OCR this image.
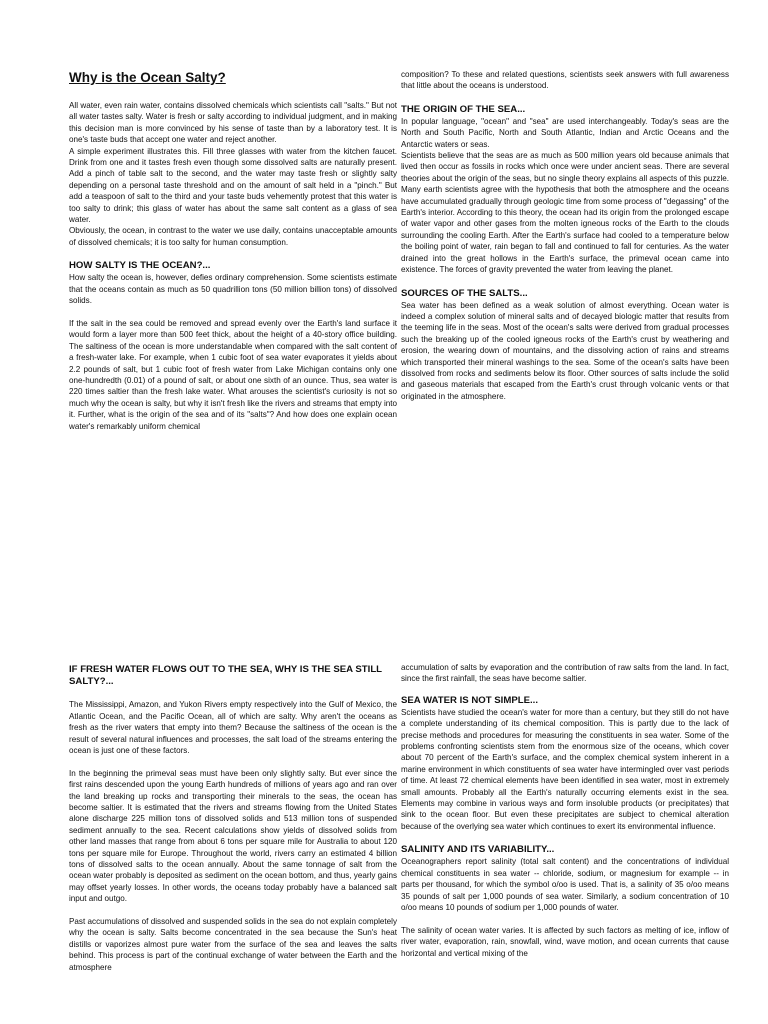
Why is the Ocean Salty?

All water, even rain water, contains dissolved chemicals which scientists call "salts." But not all water tastes salty. Water is fresh or salty according to individual judgment, and in making this decision man is more convinced by his sense of taste than by a laboratory test. It is one's taste buds that accept one water and reject another.

A simple experiment illustrates this. Fill three glasses with water from the kitchen faucet. Drink from one and it tastes fresh even though some dissolved salts are naturally present. Add a pinch of table salt to the second, and the water may taste fresh or slightly salty depending on a personal taste threshold and on the amount of salt held in a "pinch." But add a teaspoon of salt to the third and your taste buds vehemently protest that this water is too salty to drink; this glass of water has about the same salt content as a glass of sea water.

Obviously, the ocean, in contrast to the water we use daily, contains unacceptable amounts of dissolved chemicals; it is too salty for human consumption.

HOW SALTY IS THE OCEAN?...

How salty the ocean is, however, defies ordinary comprehension. Some scientists estimate that the oceans contain as much as 50 quadrillion tons (50 million billion tons) of dissolved solids.

If the salt in the sea could be removed and spread evenly over the Earth's land surface it would form a layer more than 500 feet thick, about the height of a 40-story office building. The saltiness of the ocean is more understandable when compared with the salt content of a fresh-water lake. For example, when 1 cubic foot of sea water evaporates it yields about 2.2 pounds of salt, but 1 cubic foot of fresh water from Lake Michigan contains only one one-hundredth (0.01) of a pound of salt, or about one sixth of an ounce. Thus, sea water is 220 times saltier than the fresh lake water. What arouses the scientist's curiosity is not so much why the ocean is salty, but why it isn't fresh like the rivers and streams that empty into it. Further, what is the origin of the sea and of its "salts"? And how does one explain ocean water's remarkably uniform chemical

composition? To these and related questions, scientists seek answers with full awareness that little about the oceans is understood.

THE ORIGIN OF THE SEA...

In popular language, "ocean" and "sea" are used interchangeably. Today's seas are the North and South Pacific, North and South Atlantic, Indian and Arctic Oceans and the Antarctic waters or seas.

Scientists believe that the seas are as much as 500 million years old because animals that lived then occur as fossils in rocks which once were under ancient seas. There are several theories about the origin of the seas, but no single theory explains all aspects of this puzzle. Many earth scientists agree with the hypothesis that both the atmosphere and the oceans have accumulated gradually through geologic time from some process of "degassing" of the Earth's interior. According to this theory, the ocean had its origin from the prolonged escape of water vapor and other gases from the molten igneous rocks of the Earth to the clouds surrounding the cooling Earth. After the Earth's surface had cooled to a temperature below the boiling point of water, rain began to fall and continued to fall for centuries. As the water drained into the great hollows in the Earth's surface, the primeval ocean came into existence. The forces of gravity prevented the water from leaving the planet.

SOURCES OF THE SALTS...

Sea water has been defined as a weak solution of almost everything. Ocean water is indeed a complex solution of mineral salts and of decayed biologic matter that results from the teeming life in the seas. Most of the ocean's salts were derived from gradual processes such the breaking up of the cooled igneous rocks of the Earth's crust by weathering and erosion, the wearing down of mountains, and the dissolving action of rains and streams which transported their mineral washings to the sea. Some of the ocean's salts have been dissolved from rocks and sediments below its floor. Other sources of salts include the solid and gaseous materials that escaped from the Earth's crust through volcanic vents or that originated in the atmosphere.

IF FRESH WATER FLOWS OUT TO THE SEA, WHY IS THE SEA STILL SALTY?...

The Mississippi, Amazon, and Yukon Rivers empty respectively into the Gulf of Mexico, the Atlantic Ocean, and the Pacific Ocean, all of which are salty. Why aren't the oceans as fresh as the river waters that empty into them? Because the saltiness of the ocean is the result of several natural influences and processes, the salt load of the streams entering the ocean is just one of these factors.

In the beginning the primeval seas must have been only slightly salty. But ever since the first rains descended upon the young Earth hundreds of millions of years ago and ran over the land breaking up rocks and transporting their minerals to the seas, the ocean has become saltier. It is estimated that the rivers and streams flowing from the United States alone discharge 225 million tons of dissolved solids and 513 million tons of suspended sediment annually to the sea. Recent calculations show yields of dissolved solids from other land masses that range from about 6 tons per square mile for Australia to about 120 tons per square mile for Europe. Throughout the world, rivers carry an estimated 4 billion tons of dissolved salts to the ocean annually. About the same tonnage of salt from the ocean water probably is deposited as sediment on the ocean bottom, and thus, yearly gains may offset yearly losses. In other words, the oceans today probably have a balanced salt input and outgo.

Past accumulations of dissolved and suspended solids in the sea do not explain completely why the ocean is salty. Salts become concentrated in the sea because the Sun's heat distills or vaporizes almost pure water from the surface of the sea and leaves the salts behind. This process is part of the continual exchange of water between the Earth and the atmosphere

accumulation of salts by evaporation and the contribution of raw salts from the land. In fact, since the first rainfall, the seas have become saltier.

SEA WATER IS NOT SIMPLE...

Scientists have studied the ocean's water for more than a century, but they still do not have a complete understanding of its chemical composition. This is partly due to the lack of precise methods and procedures for measuring the constituents in sea water. Some of the problems confronting scientists stem from the enormous size of the oceans, which cover about 70 percent of the Earth's surface, and the complex chemical system inherent in a marine environment in which constituents of sea water have intermingled over vast periods of time. At least 72 chemical elements have been identified in sea water, most in extremely small amounts. Probably all the Earth's naturally occurring elements exist in the sea. Elements may combine in various ways and form insoluble products (or precipitates) that sink to the ocean floor. But even these precipitates are subject to chemical alteration because of the overlying sea water which continues to exert its environmental influence.

SALINITY AND ITS VARIABILITY...

Oceanographers report salinity (total salt content) and the concentrations of individual chemical constituents in sea water -- chloride, sodium, or magnesium for example -- in parts per thousand, for which the symbol o/oo is used. That is, a salinity of 35 o/oo means 35 pounds of salt per 1,000 pounds of sea water. Similarly, a sodium concentration of 10 o/oo means 10 pounds of sodium per 1,000 pounds of water.

The salinity of ocean water varies. It is affected by such factors as melting of ice, inflow of river water, evaporation, rain, snowfall, wind, wave motion, and ocean currents that cause horizontal and vertical mixing of the
